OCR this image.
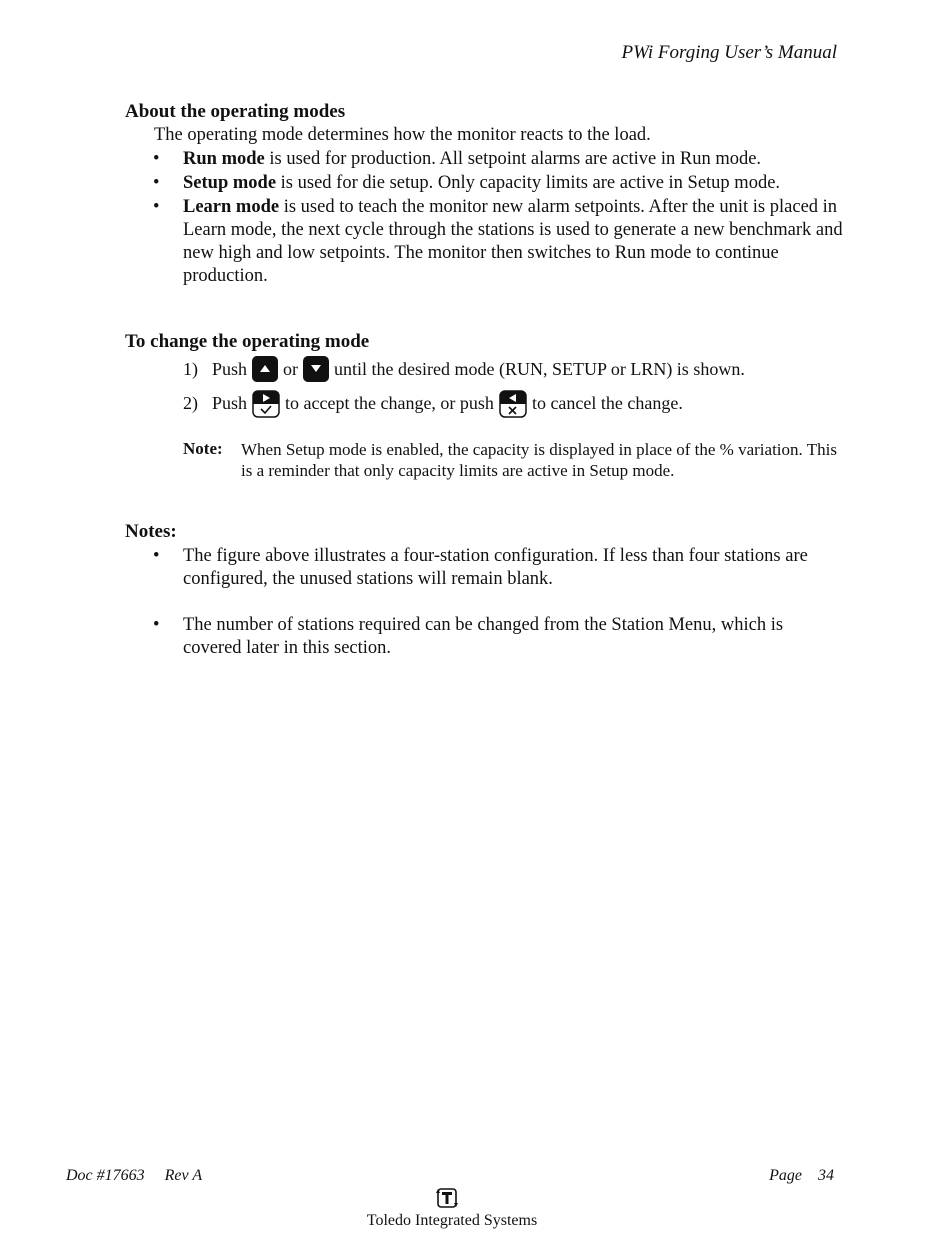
PWi Forging User’s Manual
About the operating modes
The operating mode determines how the monitor reacts to the load.
• Run mode is used for production. All setpoint alarms are active in Run mode.
• Setup mode is used for die setup. Only capacity limits are active in Setup mode.
• Learn mode is used to teach the monitor new alarm setpoints. After the unit is placed in Learn mode, the next cycle through the stations is used to generate a new benchmark and new high and low setpoints. The monitor then switches to Run mode to continue production.
To change the operating mode
1) Push or until the desired mode (RUN, SETUP or LRN) is shown.
2) Push to accept the change, or push to cancel the change.
Note: When Setup mode is enabled, the capacity is displayed in place of the % variation. This is a reminder that only capacity limits are active in Setup mode.
Notes:
• The figure above illustrates a four-station configuration. If less than four stations are configured, the unused stations will remain blank.
• The number of stations required can be changed from the Station Menu, which is covered later in this section.
Doc #17663     Rev A	Page    34
Toledo Integrated Systems
